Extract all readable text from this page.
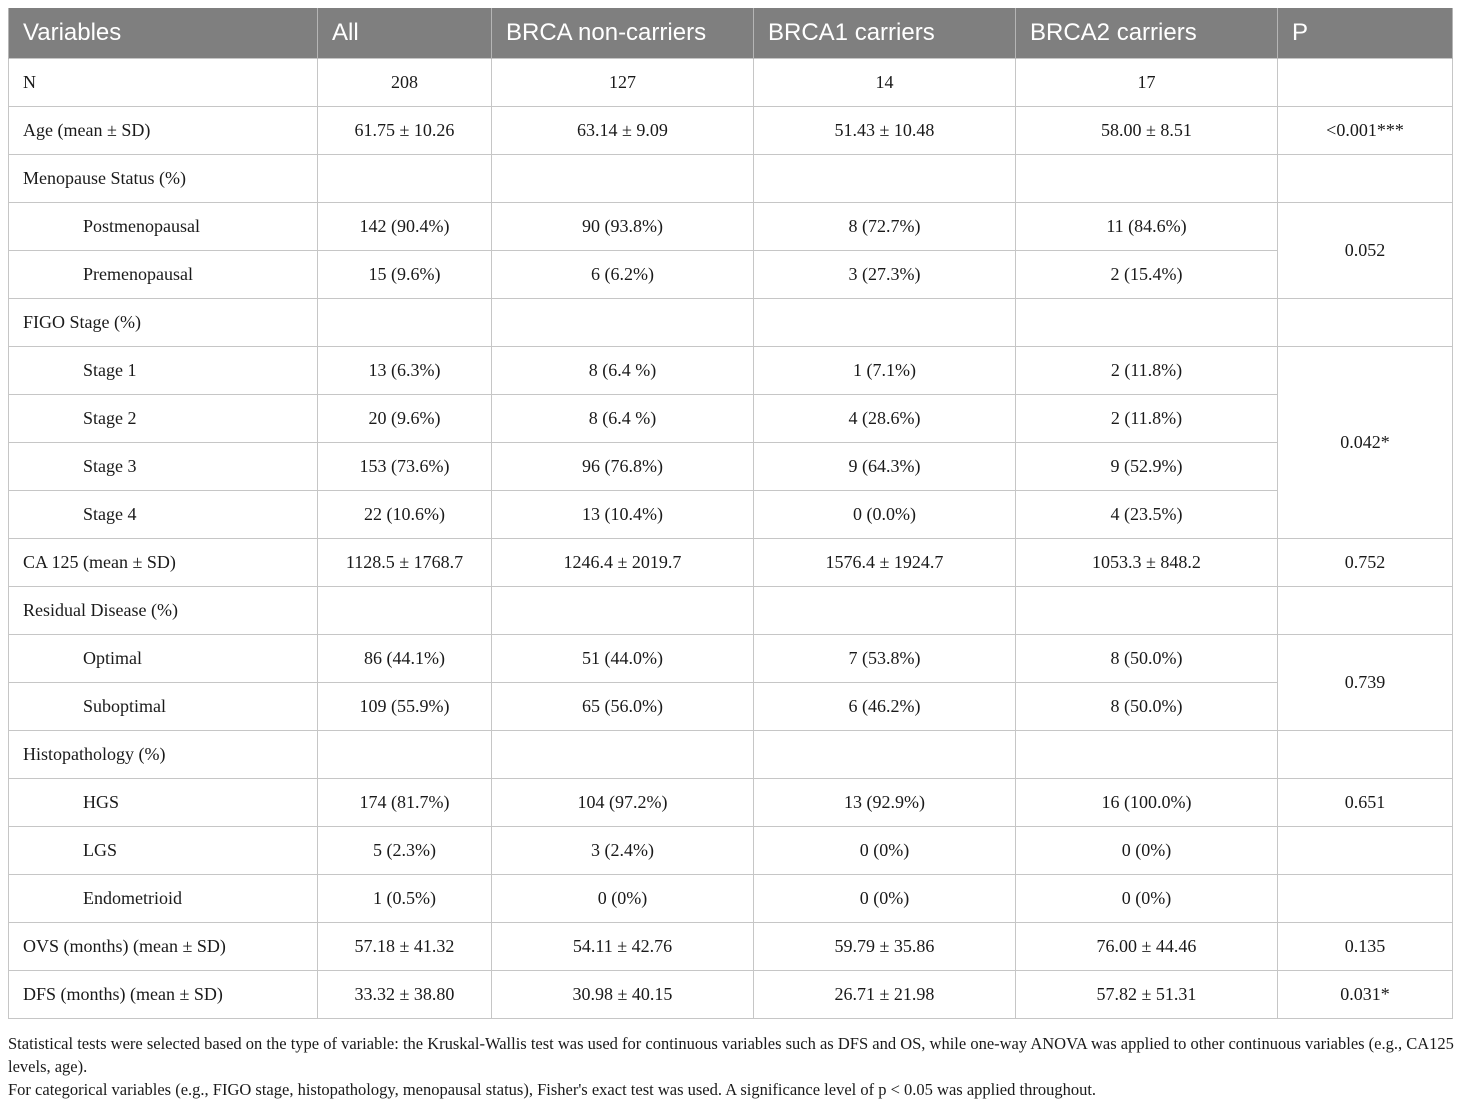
Variables	All	BRCA non-carriers	BRCA1 carriers	BRCA2 carriers	P
N	208	127	14	17	
Age (mean ± SD)	61.75 ± 10.26	63.14 ± 9.09	51.43 ± 10.48	58.00 ± 8.51	<0.001***
Menopause Status (%)					
Postmenopausal	142 (90.4%)	90 (93.8%)	8 (72.7%)	11 (84.6%)	0.052
Premenopausal	15 (9.6%)	6 (6.2%)	3 (27.3%)	2 (15.4%)	
FIGO Stage (%)					
Stage 1	13 (6.3%)	8 (6.4 %)	1 (7.1%)	2 (11.8%)	0.042*
Stage 2	20 (9.6%)	8 (6.4 %)	4 (28.6%)	2 (11.8%)	
Stage 3	153 (73.6%)	96 (76.8%)	9 (64.3%)	9 (52.9%)	
Stage 4	22 (10.6%)	13 (10.4%)	0 (0.0%)	4 (23.5%)	
CA 125 (mean ± SD)	1128.5 ± 1768.7	1246.4 ± 2019.7	1576.4 ± 1924.7	1053.3 ± 848.2	0.752
Residual Disease (%)					
Optimal	86 (44.1%)	51 (44.0%)	7 (53.8%)	8 (50.0%)	0.739
Suboptimal	109 (55.9%)	65 (56.0%)	6 (46.2%)	8 (50.0%)	
Histopathology (%)					
HGS	174 (81.7%)	104 (97.2%)	13 (92.9%)	16 (100.0%)	0.651
LGS	5 (2.3%)	3 (2.4%)	0 (0%)	0 (0%)	
Endometrioid	1 (0.5%)	0 (0%)	0 (0%)	0 (0%)	
OVS (months) (mean ± SD)	57.18 ± 41.32	54.11 ± 42.76	59.79 ± 35.86	76.00 ± 44.46	0.135
DFS (months) (mean ± SD)	33.32 ± 38.80	30.98 ± 40.15	26.71 ± 21.98	57.82 ± 51.31	0.031*

Statistical tests were selected based on the type of variable: the Kruskal-Wallis test was used for continuous variables such as DFS and OS, while one-way ANOVA was applied to other continuous variables (e.g., CA125 levels, age).

For categorical variables (e.g., FIGO stage, histopathology, menopausal status), Fisher's exact test was used. A significance level of p < 0.05 was applied throughout.
